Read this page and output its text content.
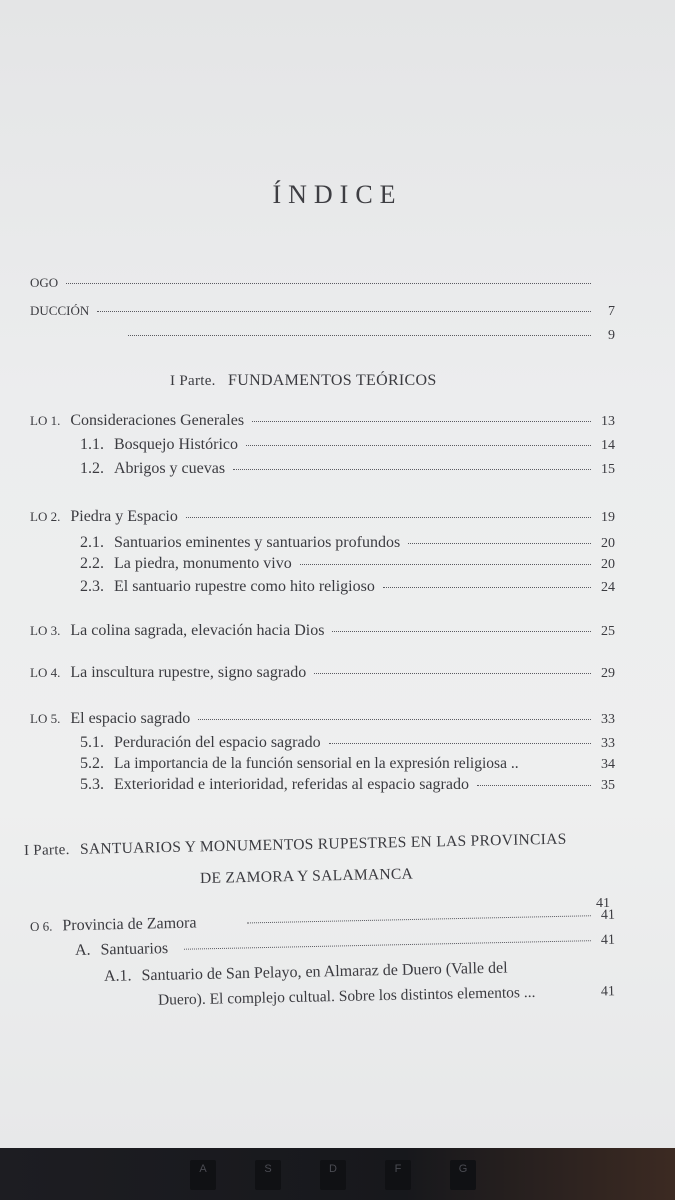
ÍNDICE
OGO
DUCCIÓN	7
9
I Parte. FUNDAMENTOS TEÓRICOS
LO 1. Consideraciones Generales	13
1.1. Bosquejo Histórico	14
1.2. Abrigos y cuevas	15
LO 2. Piedra y Espacio	19
2.1. Santuarios eminentes y santuarios profundos	20
2.2. La piedra, monumento vivo	20
2.3. El santuario rupestre como hito religioso	24
LO 3. La colina sagrada, elevación hacia Dios	25
LO 4. La inscultura rupestre, signo sagrado	29
LO 5. El espacio sagrado	33
5.1. Perduración del espacio sagrado	33
5.2. La importancia de la función sensorial en la expresión religiosa ..	34
5.3. Exterioridad e interioridad, referidas al espacio sagrado	35
I Parte. SANTUARIOS Y MONUMENTOS RUPESTRES EN LAS PROVINCIAS
DE ZAMORA Y SALAMANCA
41
O 6. Provincia de Zamora	41
A. Santuarios	41
A.1. Santuario de San Pelayo, en Almaraz de Duero (Valle del
Duero). El complejo cultual. Sobre los distintos elementos ...	41
A	S	D	F	G
